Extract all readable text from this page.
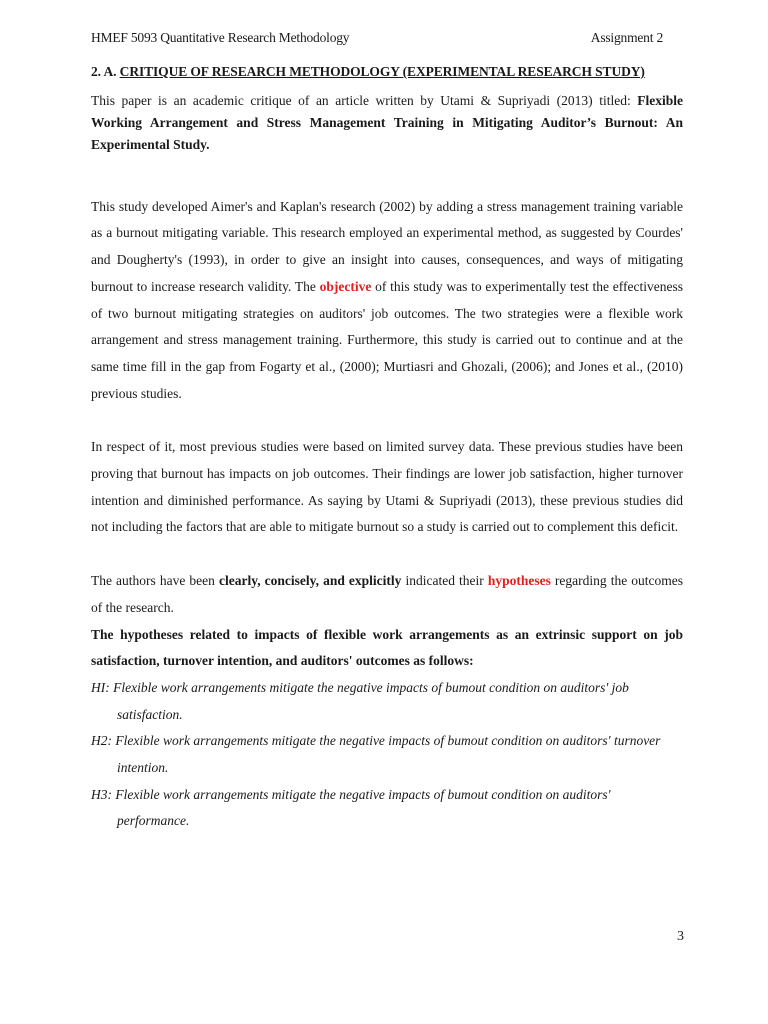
HMEF 5093 Quantitative Research Methodology	Assignment 2

2. A. CRITIQUE OF RESEARCH METHODOLOGY (EXPERIMENTAL RESEARCH STUDY)

This paper is an academic critique of an article written by Utami & Supriyadi (2013) titled: Flexible Working Arrangement and Stress Management Training in Mitigating Auditor’s Burnout: An Experimental Study.

This study developed Aimer's and Kaplan's research (2002) by adding a stress management training variable as a burnout mitigating variable. This research employed an experimental method, as suggested by Courdes' and Dougherty's (1993), in order to give an insight into causes, consequences, and ways of mitigating burnout to increase research validity. The objective of this study was to experimentally test the effectiveness of two burnout mitigating strategies on auditors' job outcomes. The two strategies were a flexible work arrangement and stress management training. Furthermore, this study is carried out to continue and at the same time fill in the gap from Fogarty et al., (2000); Murtiasri and Ghozali, (2006); and Jones et al., (2010) previous studies.

In respect of it, most previous studies were based on limited survey data. These previous studies have been proving that burnout has impacts on job outcomes. Their findings are lower job satisfaction, higher turnover intention and diminished performance. As saying by Utami & Supriyadi (2013), these previous studies did not including the factors that are able to mitigate burnout so a study is carried out to complement this deficit.

The authors have been clearly, concisely, and explicitly indicated their hypotheses regarding the outcomes of the research.

The hypotheses related to impacts of flexible work arrangements as an extrinsic support on job satisfaction, turnover intention, and auditors' outcomes as follows:

HI: Flexible work arrangements mitigate the negative impacts of bumout condition on auditors' job satisfaction.

H2: Flexible work arrangements mitigate the negative impacts of bumout condition on auditors' turnover intention.

H3: Flexible work arrangements mitigate the negative impacts of bumout condition on auditors' performance.

3
